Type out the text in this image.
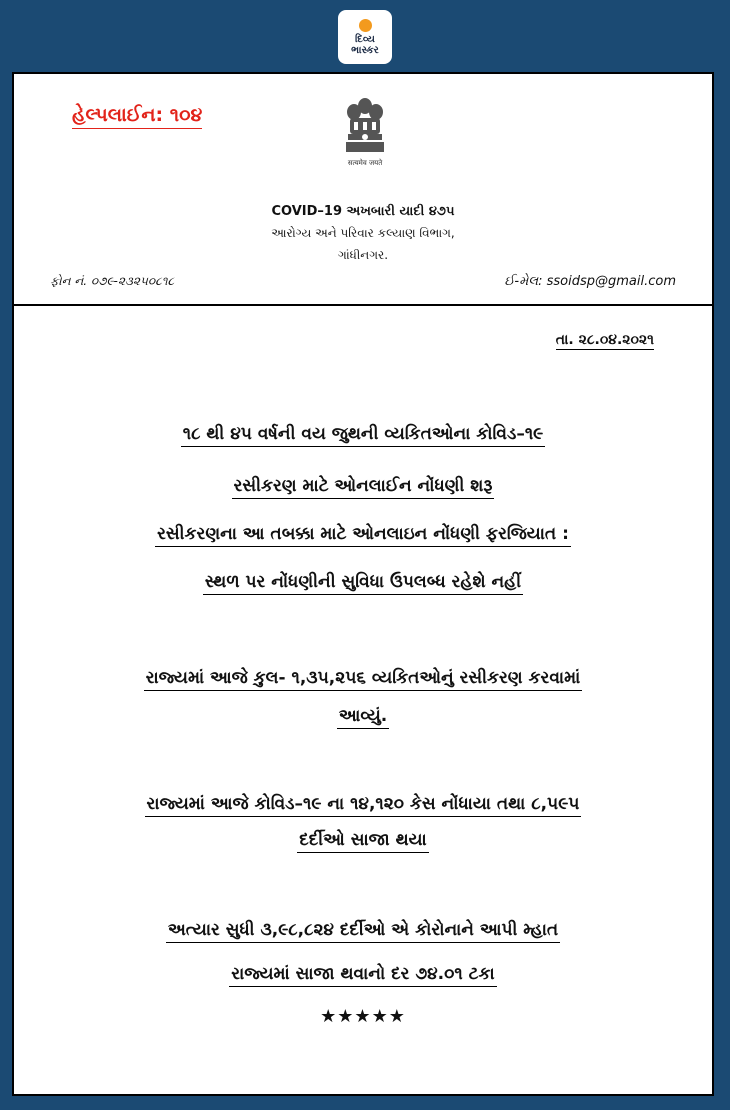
દિવ્ય
ભાસ્કર
હેલ્પલાઈન: ૧૦૪
सत्यमेव जयते
COVID–19 અખબારી યાદી ૪૭૫
આરોગ્ય અને પરિવાર કલ્યાણ વિભાગ,
ગાંધીનગર.
ફોન નં. ૦૭૯-૨૩૨૫૦૮૧૮	ઈ-મેલ: ssoidsp@gmail.com
તા. ૨૮.૦૪.૨૦૨૧
૧૮ થી ૪૫ વર્ષની વય જુથની વ્યકિતઓના કોવિડ–૧૯
રસીકરણ માટે ઓનલાઈન નોંધણી શરૂ
રસીકરણના આ તબક્કા માટે ઓનલાઇન નોંધણી ફરજિયાત :
સ્થળ પર નોંધણીની સુવિધા ઉપલબ્ધ રહેશે નહીં
રાજ્યમાં આજે કુલ- ૧,૩૫,૨૫૬ વ્યકિતઓનું રસીકરણ કરવામાં
આવ્યું.
રાજ્યમાં આજે કોવિડ–૧૯ ના ૧૪,૧૨૦ કેસ નોંધાયા તથા ૮,૫૯૫
દર્દીઓ સાજા થયા
અત્યાર સુધી ૩,૯૮,૮૨૪ દર્દીઓ એ કોરોનાને આપી મ્હાત
રાજ્યમાં સાજા થવાનો દર ૭૪.૦૧ ટકા
★★★★★
